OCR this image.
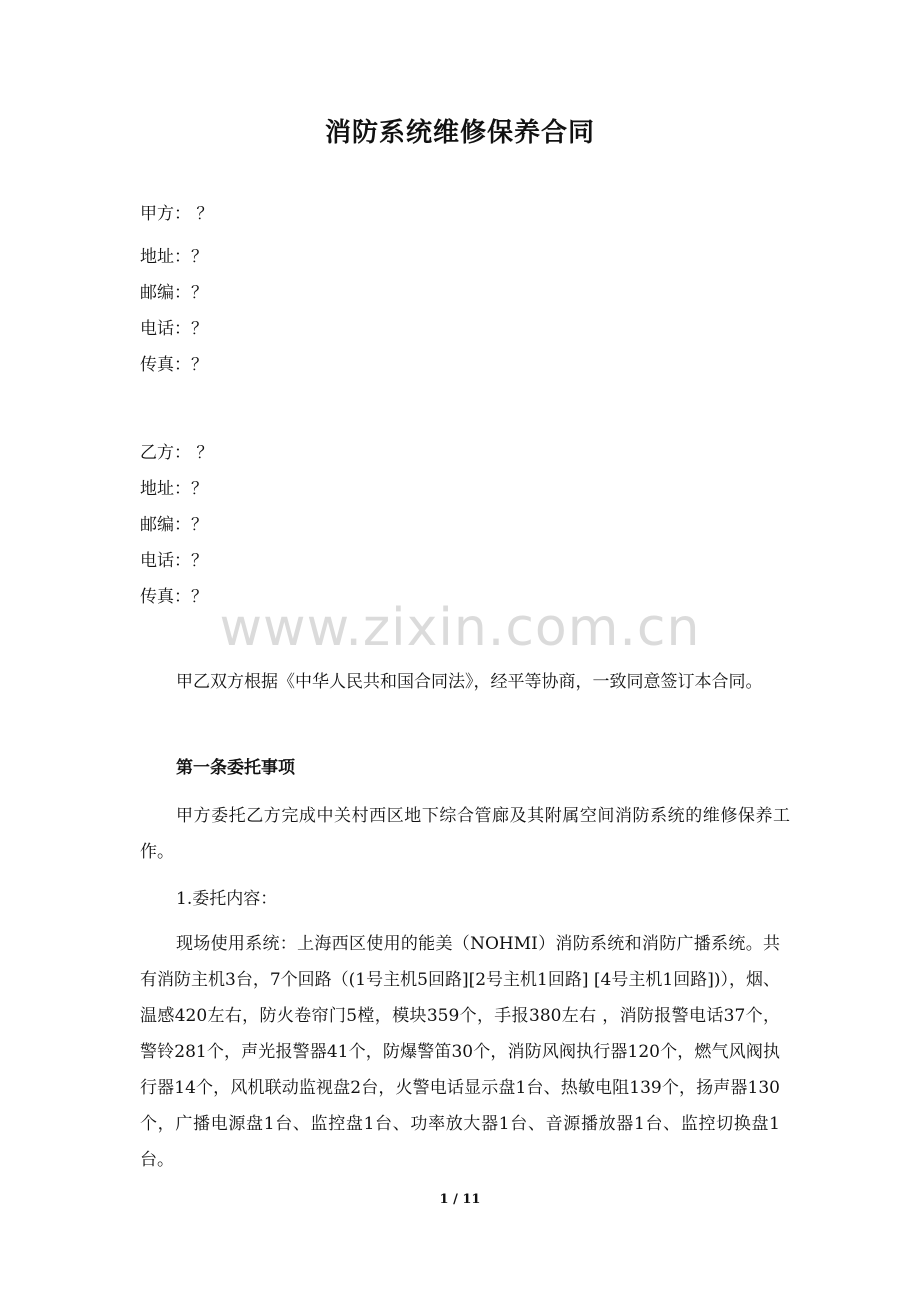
消防系统维修保养合同
甲方： ？
地址：？
邮编：？
电话：？
传真：？
乙方： ？
地址：？
邮编：？
电话：？
传真：？
www.zixin.com.cn
甲乙双方根据《中华人民共和国合同法》，经平等协商，一致同意签订本合同。
第一条委托事项
甲方委托乙方完成中关村西区地下综合管廊及其附属空间消防系统的维修保养工作。
1.委托内容：
现场使用系统：上海西区使用的能美（NOHMI）消防系统和消防广播系统。共有消防主机3台，7个回路（(1号主机5回路][2号主机1回路] [4号主机1回路])），烟、温感420左右，防火卷帘门5樘，模块359个，手报380左右 ，消防报警电话37个，警铃281个，声光报警器41个，防爆警笛30个，消防风阀执行器120个，燃气风阀执行器14个，风机联动监视盘2台，火警电话显示盘1台、热敏电阻139个，扬声器130个，广播电源盘1台、监控盘1台、功率放大器1台、音源播放器1台、监控切换盘1台。
1 / 11
